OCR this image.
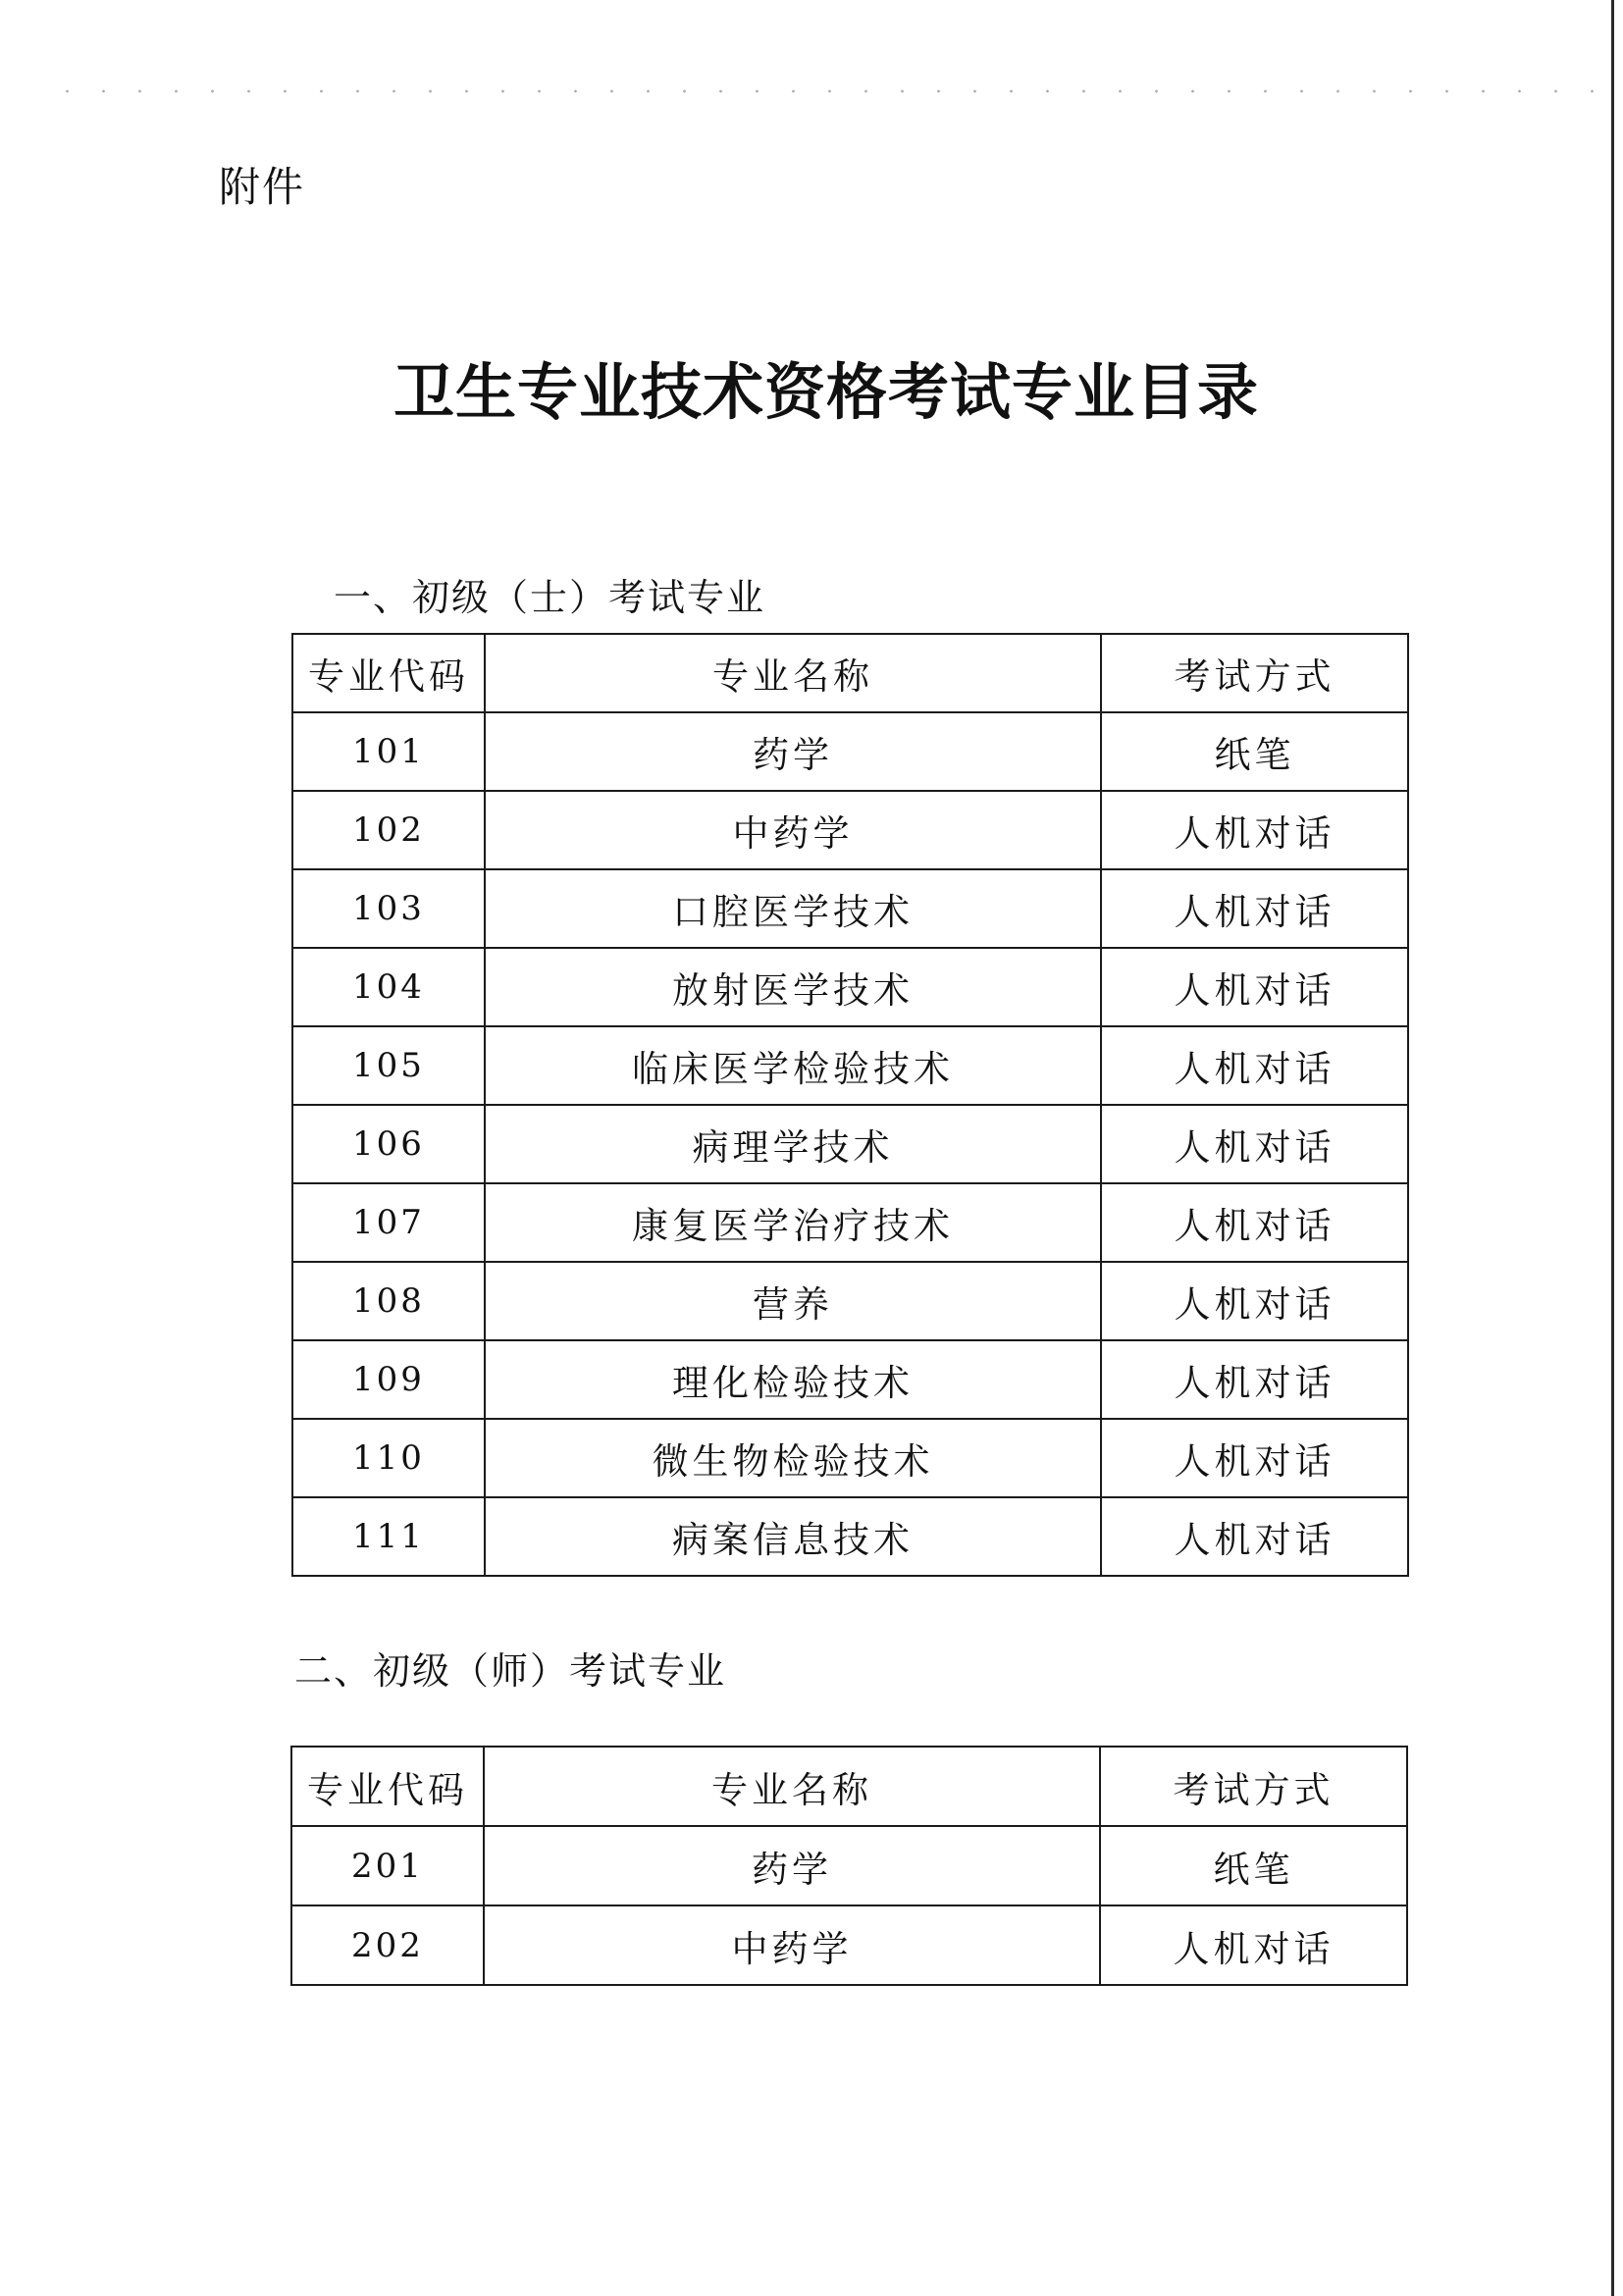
附件
卫生专业技术资格考试专业目录
一、初级（士）考试专业
专业代码	专业名称	考试方式
101	药学	纸笔
102	中药学	人机对话
103	口腔医学技术	人机对话
104	放射医学技术	人机对话
105	临床医学检验技术	人机对话
106	病理学技术	人机对话
107	康复医学治疗技术	人机对话
108	营养	人机对话
109	理化检验技术	人机对话
110	微生物检验技术	人机对话
111	病案信息技术	人机对话
二、初级（师）考试专业
专业代码	专业名称	考试方式
201	药学	纸笔
202	中药学	人机对话
